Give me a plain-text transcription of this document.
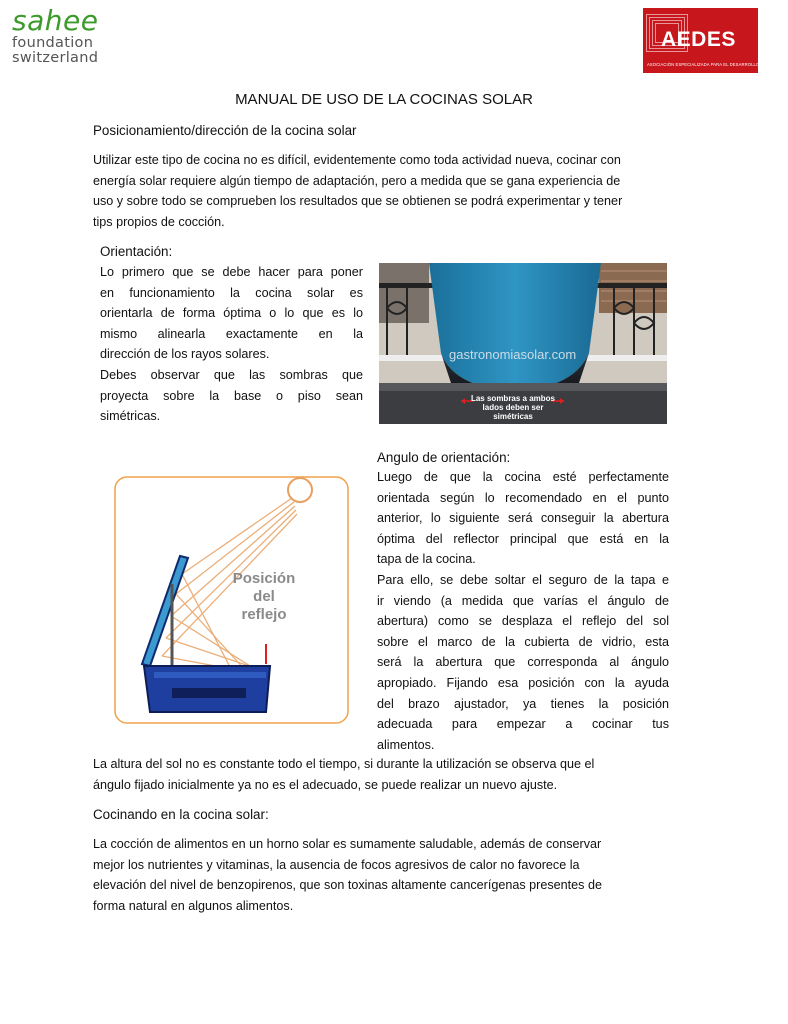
sahee
foundation
switzerland
AEDES
ASOCIACIÓN ESPECIALIZADA PARA EL DESARROLLO SOSTENIBLE
MANUAL DE USO DE LA COCINAS SOLAR
Posicionamiento/dirección de la cocina solar
Utilizar este tipo de cocina no es difícil, evidentemente como toda actividad nueva, cocinar con
energía solar requiere algún tiempo de adaptación, pero a medida que se gana experiencia de
uso y sobre todo se comprueben los resultados que se obtienen se podrá experimentar y tener
tips propios de cocción.
Orientación:
Lo primero que se debe hacer para poner
en funcionamiento la cocina solar es
orientarla de forma óptima o lo que es lo
mismo alinearla exactamente en la
dirección de los rayos solares.
Debes observar que las sombras que
proyecta sobre la base o piso sean
simétricas.
gastronomiasolar.com
Las sombras a ambos
lados deben ser
simétricas
Angulo de orientación:
Luego de que la cocina esté perfectamente
orientada según lo recomendado en el punto
anterior, lo siguiente será conseguir la abertura
óptima del reflector principal que está en la
tapa de la cocina.
Para ello, se debe soltar el seguro de la tapa e
ir viendo (a medida que varías el ángulo de
abertura) como se desplaza el reflejo del sol
sobre el marco de la cubierta de vidrio, esta
será la abertura que corresponda al ángulo
apropiado. Fijando esa posición con la ayuda
del brazo ajustador, ya tienes la posición
adecuada para empezar a cocinar tus
alimentos.
Posición
del
reflejo
La altura del sol no es constante todo el tiempo, si durante la utilización se observa que el
ángulo fijado inicialmente ya no es el adecuado, se puede realizar un nuevo ajuste.
Cocinando en la cocina solar:
La cocción de alimentos en un horno solar es sumamente saludable, además de conservar
mejor los nutrientes y vitaminas, la ausencia de focos agresivos de calor no favorece la
elevación del nivel de benzopirenos, que son toxinas altamente cancerígenas presentes de
forma natural en algunos alimentos.
